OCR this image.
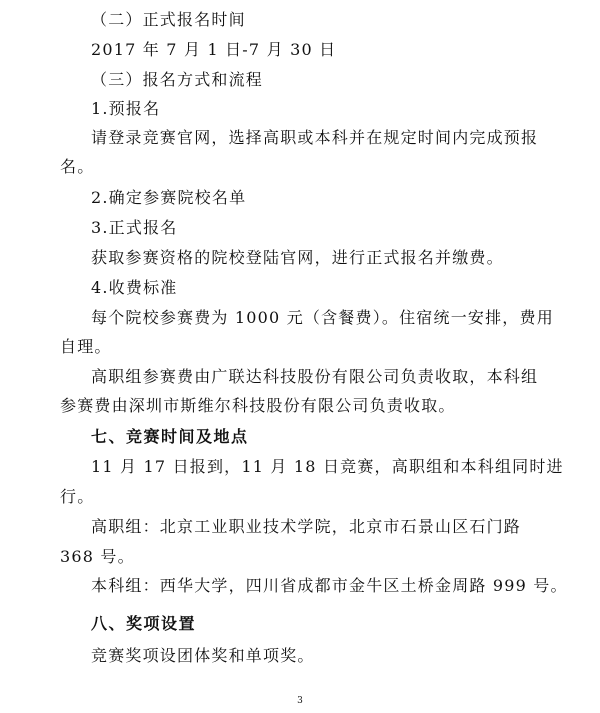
（二）正式报名时间
2017 年 7 月 1 日-7 月 30 日
（三）报名方式和流程
1.预报名
请登录竞赛官网，选择高职或本科并在规定时间内完成预报
名。
2.确定参赛院校名单
3.正式报名
获取参赛资格的院校登陆官网，进行正式报名并缴费。
4.收费标准
每个院校参赛费为 1000 元（含餐费）。住宿统一安排，费用
自理。
高职组参赛费由广联达科技股份有限公司负责收取，本科组
参赛费由深圳市斯维尔科技股份有限公司负责收取。
七、竞赛时间及地点
11 月 17 日报到，11 月 18 日竞赛，高职组和本科组同时进
行。
高职组：北京工业职业技术学院，北京市石景山区石门路
368 号。
本科组：西华大学，四川省成都市金牛区土桥金周路 999 号。
八、奖项设置
竞赛奖项设团体奖和单项奖。
3
